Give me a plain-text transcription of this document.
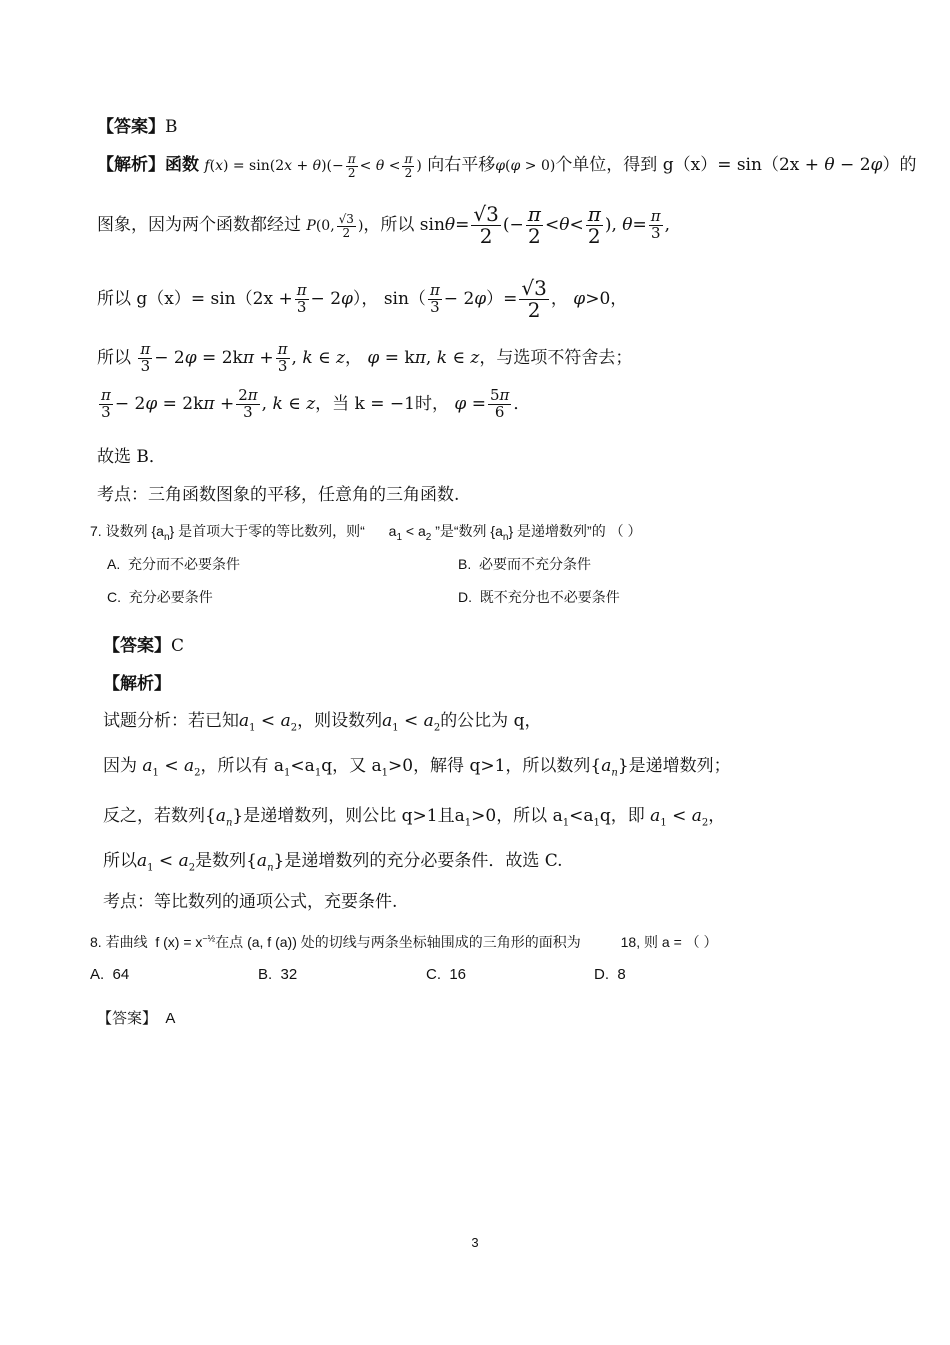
【答案】B
【解析】函数 $f(x) = \sin(2x + \theta)(- \frac{\pi}{2} < \theta < \frac{\pi}{2}$ ) 向右平移φ(φ > 0)个单位，得到 g（x）= sin（2x + θ − 2φ）的
图象，因为两个函数都经过 P(0, $\frac{√3}{2}$ )，所以 $\sin\theta= \frac{√3}{2}$ (− $\frac{\pi}{2} <\theta< \frac{\pi}{2}$ ), $\theta= \frac{\pi}{3}$ ,
所以 $g(x)= \sin(2x + \frac{\pi}{3} - 2\varphi)$， $\sin( \frac{\pi}{3} - 2\varphi)= \frac{√3}{2}$ ， φ>0，
所以 $\frac{\pi}{3} - 2\varphi = 2k\pi + \frac{\pi}{3}$ , k ∈ z， φ = kπ, k ∈ z，与选项不符舍去；
$\frac{\pi}{3} - 2\varphi = 2k\pi + \frac{2\pi}{3}$ , k ∈ z，当 k = −1时， $\varphi = \frac{5\pi}{6}$ ．
故选 B．
考点：三角函数图象的平移，任意角的三角函数.
7. 设数列 $\{a_n\}$ 是首项大于零的等比数列，则“ $a_1 < a_2$ ”是“数列 $\{a_n\}$ 是递增数列”的 （ ）
A. 充分而不必要条件	B. 必要而不充分条件
C. 充分必要条件	D. 既不充分也不必要条件
【答案】C
【解析】
试题分析：若已知$a_1 < a_2$，则设数列$a_1 < a_2$的公比为 q，
因为 $a_1 < a_2$，所以有 $a_1<a_1q$，又 $a_1>0$，解得 q>1，所以数列$\{a_n\}$是递增数列；
反之，若数列$\{a_n\}$是递增数列，则公比 q>1且$a_1>0$，所以 $a_1<a_1q$，即 $a_1 < a_2$，
所以$a_1 < a_2$是数列$\{a_n\}$是递增数列的充分必要条件．故选 C.
考点：等比数列的通项公式，充要条件.
8. 若曲线  f $(x) = x^{-\frac{1}{2}}$在点 (a, f (a)) 处的切线与两条坐标轴围成的三角形的面积为	18, 则 a = （ ）
A. 64	B. 32	C. 16	D. 8
【答案】 A
3
